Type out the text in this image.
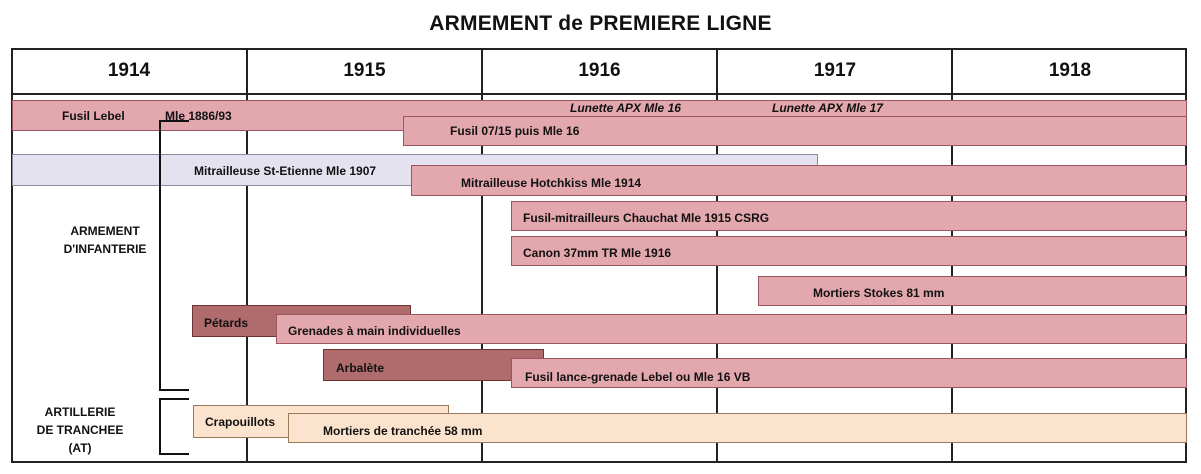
ARMEMENT de PREMIERE LIGNE
1914	1915	1916	1917	1918
Fusil Lebel	Mle 1886/93
Lunette APX Mle 16	Lunette APX Mle 17
Fusil 07/15 puis Mle 16
Mitrailleuse St-Etienne Mle 1907
Mitrailleuse Hotchkiss Mle 1914
Fusil-mitrailleurs Chauchat Mle 1915 CSRG
Canon 37mm TR Mle 1916
Mortiers Stokes 81 mm
Pétards
Grenades à main individuelles
Arbalète
Fusil lance-grenade Lebel ou Mle 16 VB
Crapouillots
Mortiers de tranchée 58 mm
ARMEMENT
D'INFANTERIE
ARTILLERIE
DE TRANCHEE
(AT)
